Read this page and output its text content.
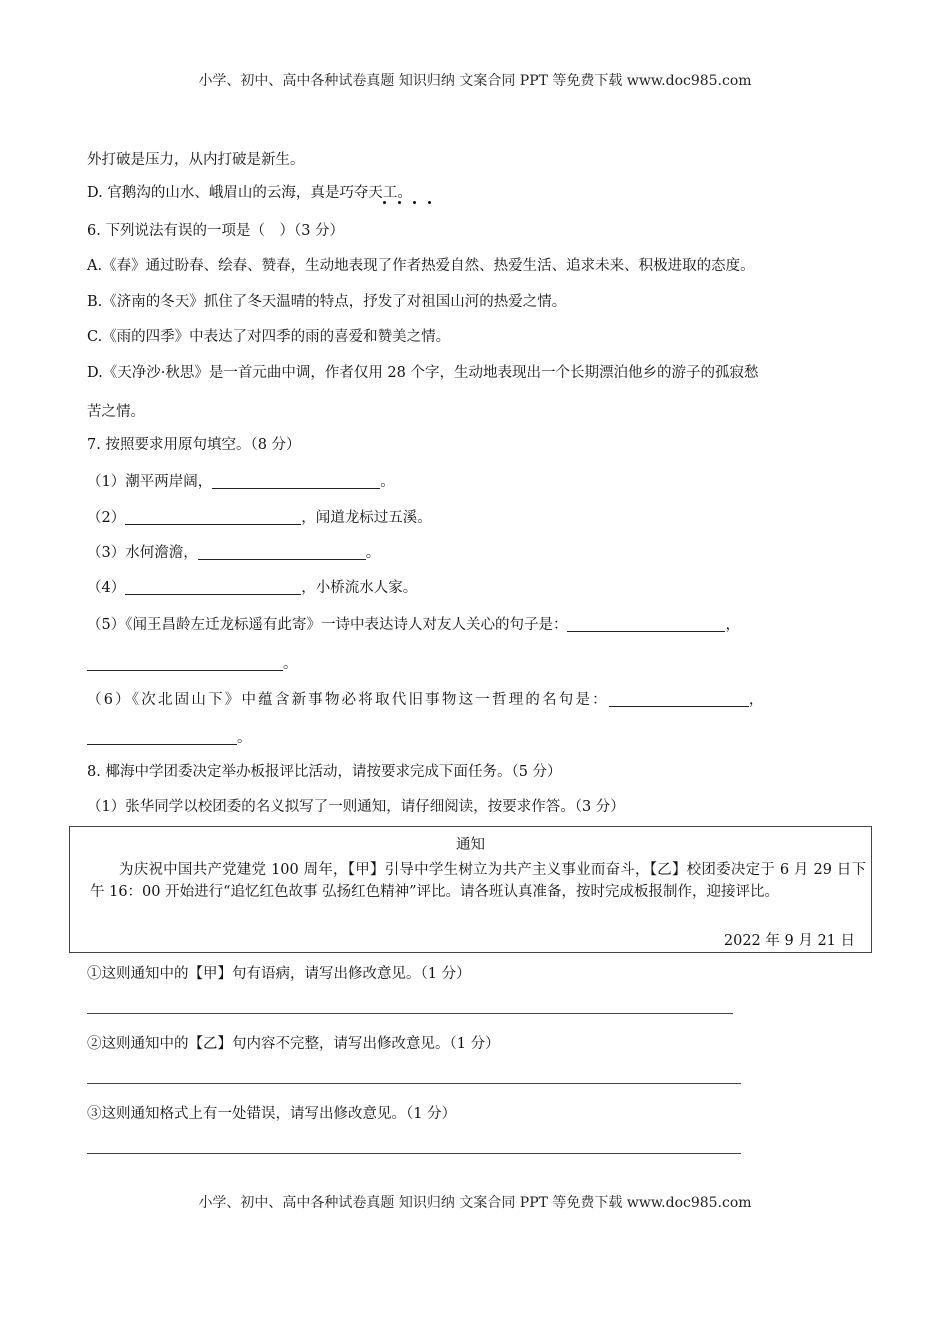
小学、初中、高中各种试卷真题 知识归纳 文案合同 PPT 等免费下载 www.doc985.com
外打破是压力，从内打破是新生。
D. 官鹅沟的山水、峨眉山的云海，真是巧夺天工。
6. 下列说法有误的一项是（　）（3 分）
A.《春》通过盼春、绘春、赞春，生动地表现了作者热爱自然、热爱生活、追求未来、积极进取的态度。
B.《济南的冬天》抓住了冬天温晴的特点，抒发了对祖国山河的热爱之情。
C.《雨的四季》中表达了对四季的雨的喜爱和赞美之情。
D.《天净沙·秋思》是一首元曲中调，作者仅用 28 个字，生动地表现出一个长期漂泊他乡的游子的孤寂愁
苦之情。
7. 按照要求用原句填空。（8 分）
（1）潮平两岸阔，	。
（2）	，闻道龙标过五溪。
（3）水何澹澹，	。
（4）	，小桥流水人家。
（5）《闻王昌龄左迁龙标遥有此寄》一诗中表达诗人对友人关心的句子是：	，
。
（6）《次北固山下》中蕴含新事物必将取代旧事物这一哲理的名句是：	，
。
8. 椰海中学团委决定举办板报评比活动，请按要求完成下面任务。（5 分）
（1）张华同学以校团委的名义拟写了一则通知，请仔细阅读，按要求作答。（3 分）
通知
为庆祝中国共产党建党 100 周年，【甲】引导中学生树立为共产主义事业而奋斗，【乙】校团委决定于 6 月 29 日下午 16：00 开始进行“追忆红色故事 弘扬红色精神”评比。请各班认真准备，按时完成板报制作，迎接评比。
2022 年 9 月 21 日
①这则通知中的【甲】句有语病，请写出修改意见。（1 分）
②这则通知中的【乙】句内容不完整，请写出修改意见。（1 分）
③这则通知格式上有一处错误，请写出修改意见。（1 分）
小学、初中、高中各种试卷真题 知识归纳 文案合同 PPT 等免费下载 www.doc985.com
